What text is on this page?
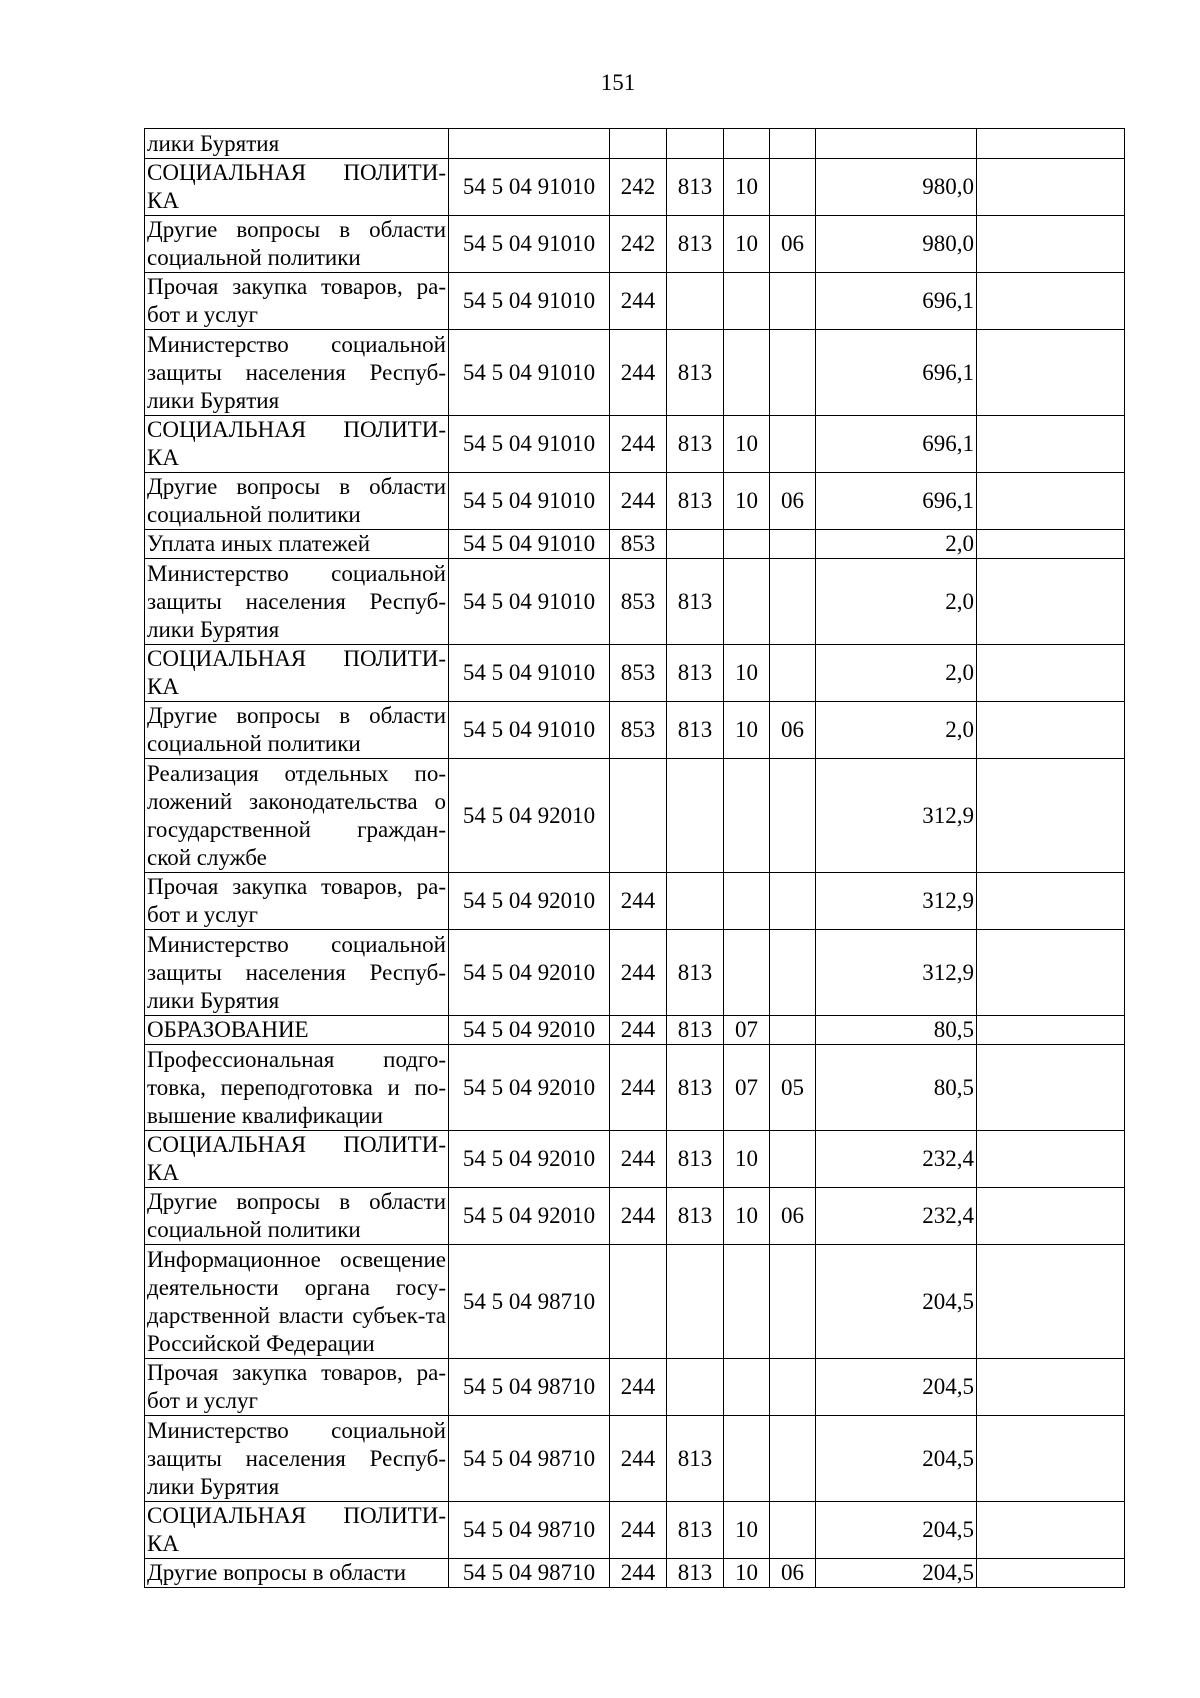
151
лики Бурятия							
СОЦИАЛЬНАЯ ПОЛИТИ-КА	54 5 04 91010	242	813	10		980,0	
Другие вопросы в области социальной политики	54 5 04 91010	242	813	10	06	980,0	
Прочая закупка товаров, ра-бот и услуг	54 5 04 91010	244				696,1	
Министерство социальной защиты населения Респуб-лики Бурятия	54 5 04 91010	244	813			696,1	
СОЦИАЛЬНАЯ ПОЛИТИ-КА	54 5 04 91010	244	813	10		696,1	
Другие вопросы в области социальной политики	54 5 04 91010	244	813	10	06	696,1	
Уплата иных платежей	54 5 04 91010	853				2,0	
Министерство социальной защиты населения Респуб-лики Бурятия	54 5 04 91010	853	813			2,0	
СОЦИАЛЬНАЯ ПОЛИТИ-КА	54 5 04 91010	853	813	10		2,0	
Другие вопросы в области социальной политики	54 5 04 91010	853	813	10	06	2,0	
Реализация отдельных по-ложений законодательства о государственной граждан-ской службе	54 5 04 92010					312,9	
Прочая закупка товаров, ра-бот и услуг	54 5 04 92010	244				312,9	
Министерство социальной защиты населения Респуб-лики Бурятия	54 5 04 92010	244	813			312,9	
ОБРАЗОВАНИЕ	54 5 04 92010	244	813	07		80,5	
Профессиональная подго-товка, переподготовка и по-вышение квалификации	54 5 04 92010	244	813	07	05	80,5	
СОЦИАЛЬНАЯ ПОЛИТИ-КА	54 5 04 92010	244	813	10		232,4	
Другие вопросы в области социальной политики	54 5 04 92010	244	813	10	06	232,4	
Информационное освещение деятельности органа госу-дарственной власти субъек-та Российской Федерации	54 5 04 98710					204,5	
Прочая закупка товаров, ра-бот и услуг	54 5 04 98710	244				204,5	
Министерство социальной защиты населения Респуб-лики Бурятия	54 5 04 98710	244	813			204,5	
СОЦИАЛЬНАЯ ПОЛИТИ-КА	54 5 04 98710	244	813	10		204,5	
Другие вопросы в области	54 5 04 98710	244	813	10	06	204,5	
